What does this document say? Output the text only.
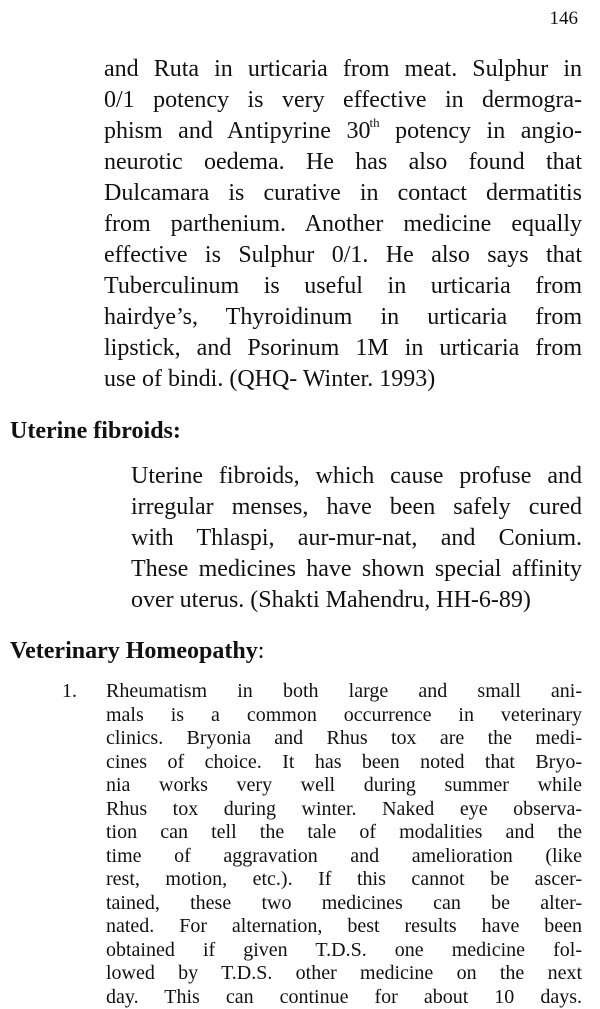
146
and Ruta in urticaria from meat. Sulphur in
0/1 potency is very effective in dermogra-
phism and Antipyrine 30th potency in angio-
neurotic oedema. He has also found that
Dulcamara is curative in contact dermatitis
from parthenium. Another medicine equally
effective is Sulphur 0/1. He also says that
Tuberculinum is useful in urticaria from
hairdye’s, Thyroidinum in urticaria from
lipstick, and Psorinum 1M in urticaria from
use of bindi. (QHQ- Winter. 1993)
Uterine fibroids:
Uterine fibroids, which cause profuse and
irregular menses, have been safely cured
with Thlaspi, aur-mur-nat, and Conium.
These medicines have shown special affinity
over uterus. (Shakti Mahendru, HH-6-89)
Veterinary Homeopathy:
1. Rheumatism in both large and small ani-
mals is a common occurrence in veterinary
clinics. Bryonia and Rhus tox are the medi-
cines of choice. It has been noted that Bryo-
nia works very well during summer while
Rhus tox during winter. Naked eye observa-
tion can tell the tale of modalities and the
time of aggravation and amelioration (like
rest, motion, etc.). If this cannot be ascer-
tained, these two medicines can be alter-
nated. For alternation, best results have been
obtained if given T.D.S. one medicine fol-
lowed by T.D.S. other medicine on the next
day. This can continue for about 10 days.
